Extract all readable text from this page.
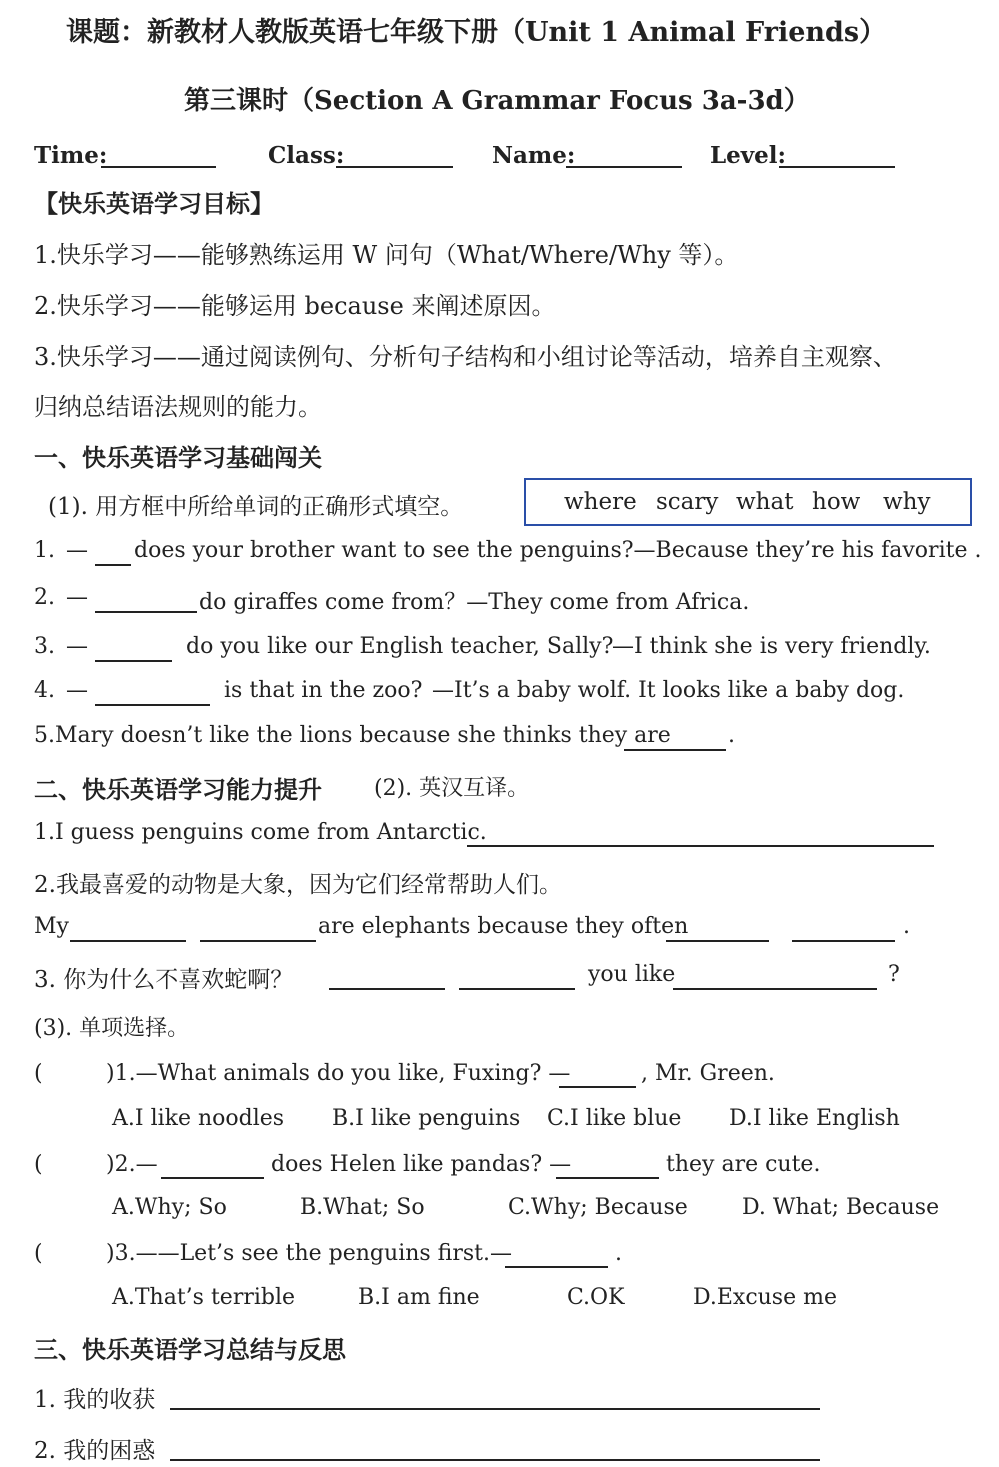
课题：新教材人教版英语七年级下册（Unit 1 Animal Friends）
第三课时（Section A Grammar Focus 3a-3d）
Time:	Class:	Name:	Level:
【快乐英语学习目标】
1.快乐学习——能够熟练运用 W 问句（What/Where/Why 等）。
2.快乐学习——能够运用 because 来阐述原因。
3.快乐学习——通过阅读例句、分析句子结构和小组讨论等活动，培养自主观察、
归纳总结语法规则的能力。
一、快乐英语学习基础闯关
(1). 用方框中所给单词的正确形式填空。	where scary what how why
1. — does your brother want to see the penguins?—Because they’re his favorite .
2. —	do giraffes come from？—They come from Africa.
3. —	do you like our English teacher, Sally?
—I think she is very friendly.
4. —	is that in the zoo? —It’s a baby wolf. It looks like a baby dog.
5.Mary doesn’t like the lions because she thinks they are	.
二、快乐英语学习能力提升 (2). 英汉互译。
1.I guess penguins come from Antarctic.
2.我最喜爱的动物是大象，因为它们经常帮助人们。
My	are elephants because they often	.
3. 你为什么不喜欢蛇啊？	you like	?
(3). 单项选择。
(	)1.—What animals do you like, Fuxing? —	, Mr. Green.
A.I like noodles B.I like penguins C.I like blue D.I like English
(	)2.—	does Helen like pandas? —	they are cute.
A.Why; So	B.What; So	C.Why; Because D. What; Because
(	)3.——Let’s see the penguins first.—	.
A.That’s terrible	B.I am fine	C.OK	D.Excuse me
三、快乐英语学习总结与反思
1. 我的收获
2. 我的困惑
